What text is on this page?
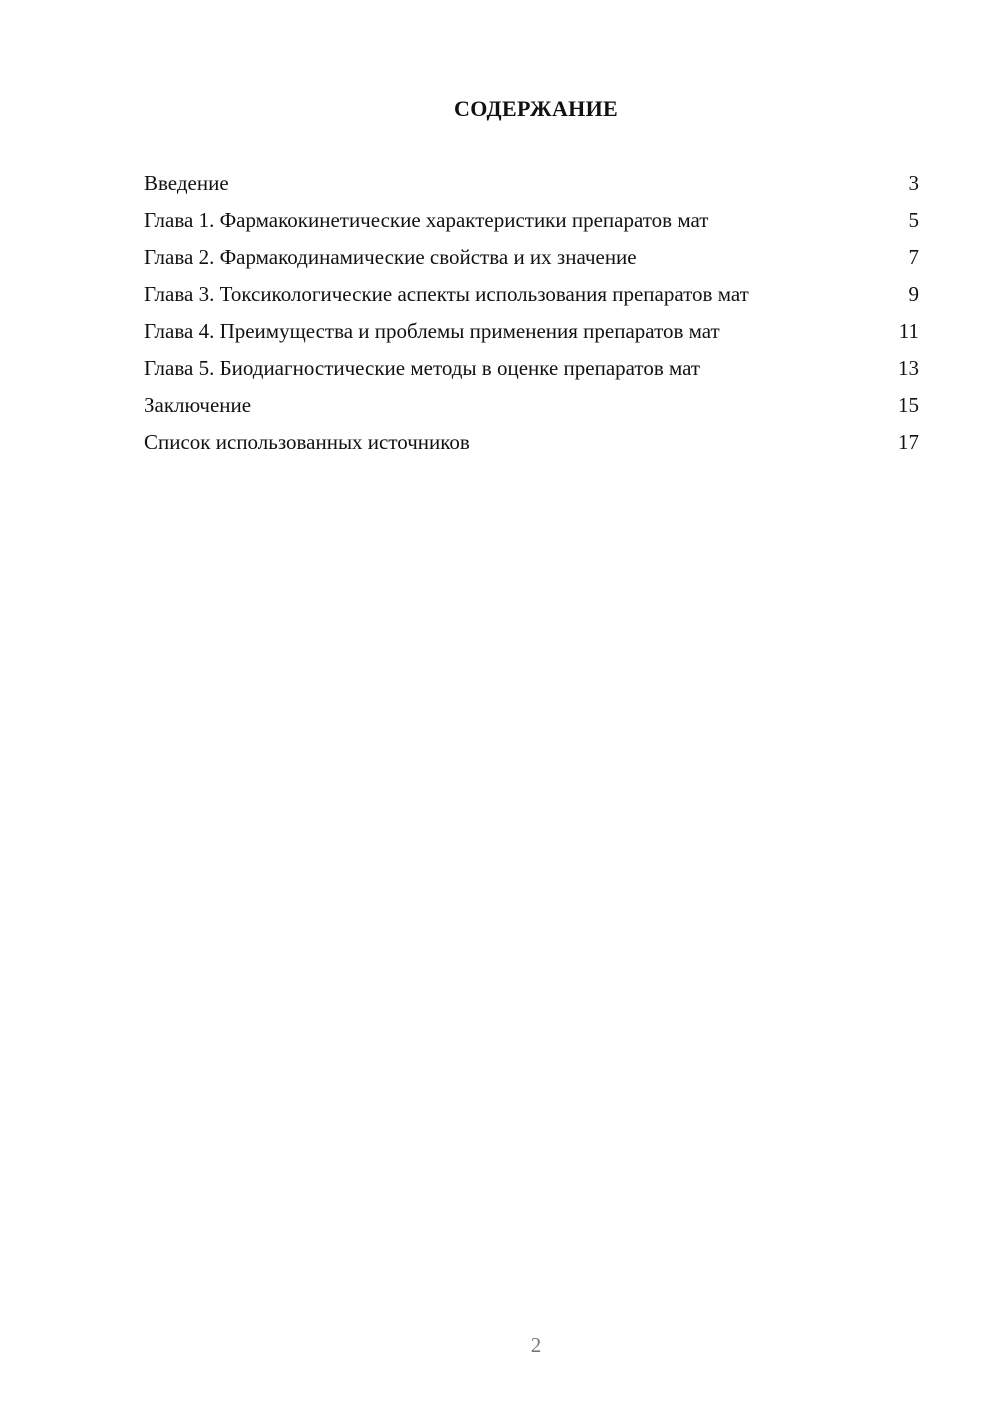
СОДЕРЖАНИЕ
Введение	3
Глава 1. Фармакокинетические характеристики препаратов мат	5
Глава 2. Фармакодинамические свойства и их значение	7
Глава 3. Токсикологические аспекты использования препаратов мат	9
Глава 4. Преимущества и проблемы применения препаратов мат	11
Глава 5. Биодиагностические методы в оценке препаратов мат	13
Заключение	15
Список использованных источников	17
2
